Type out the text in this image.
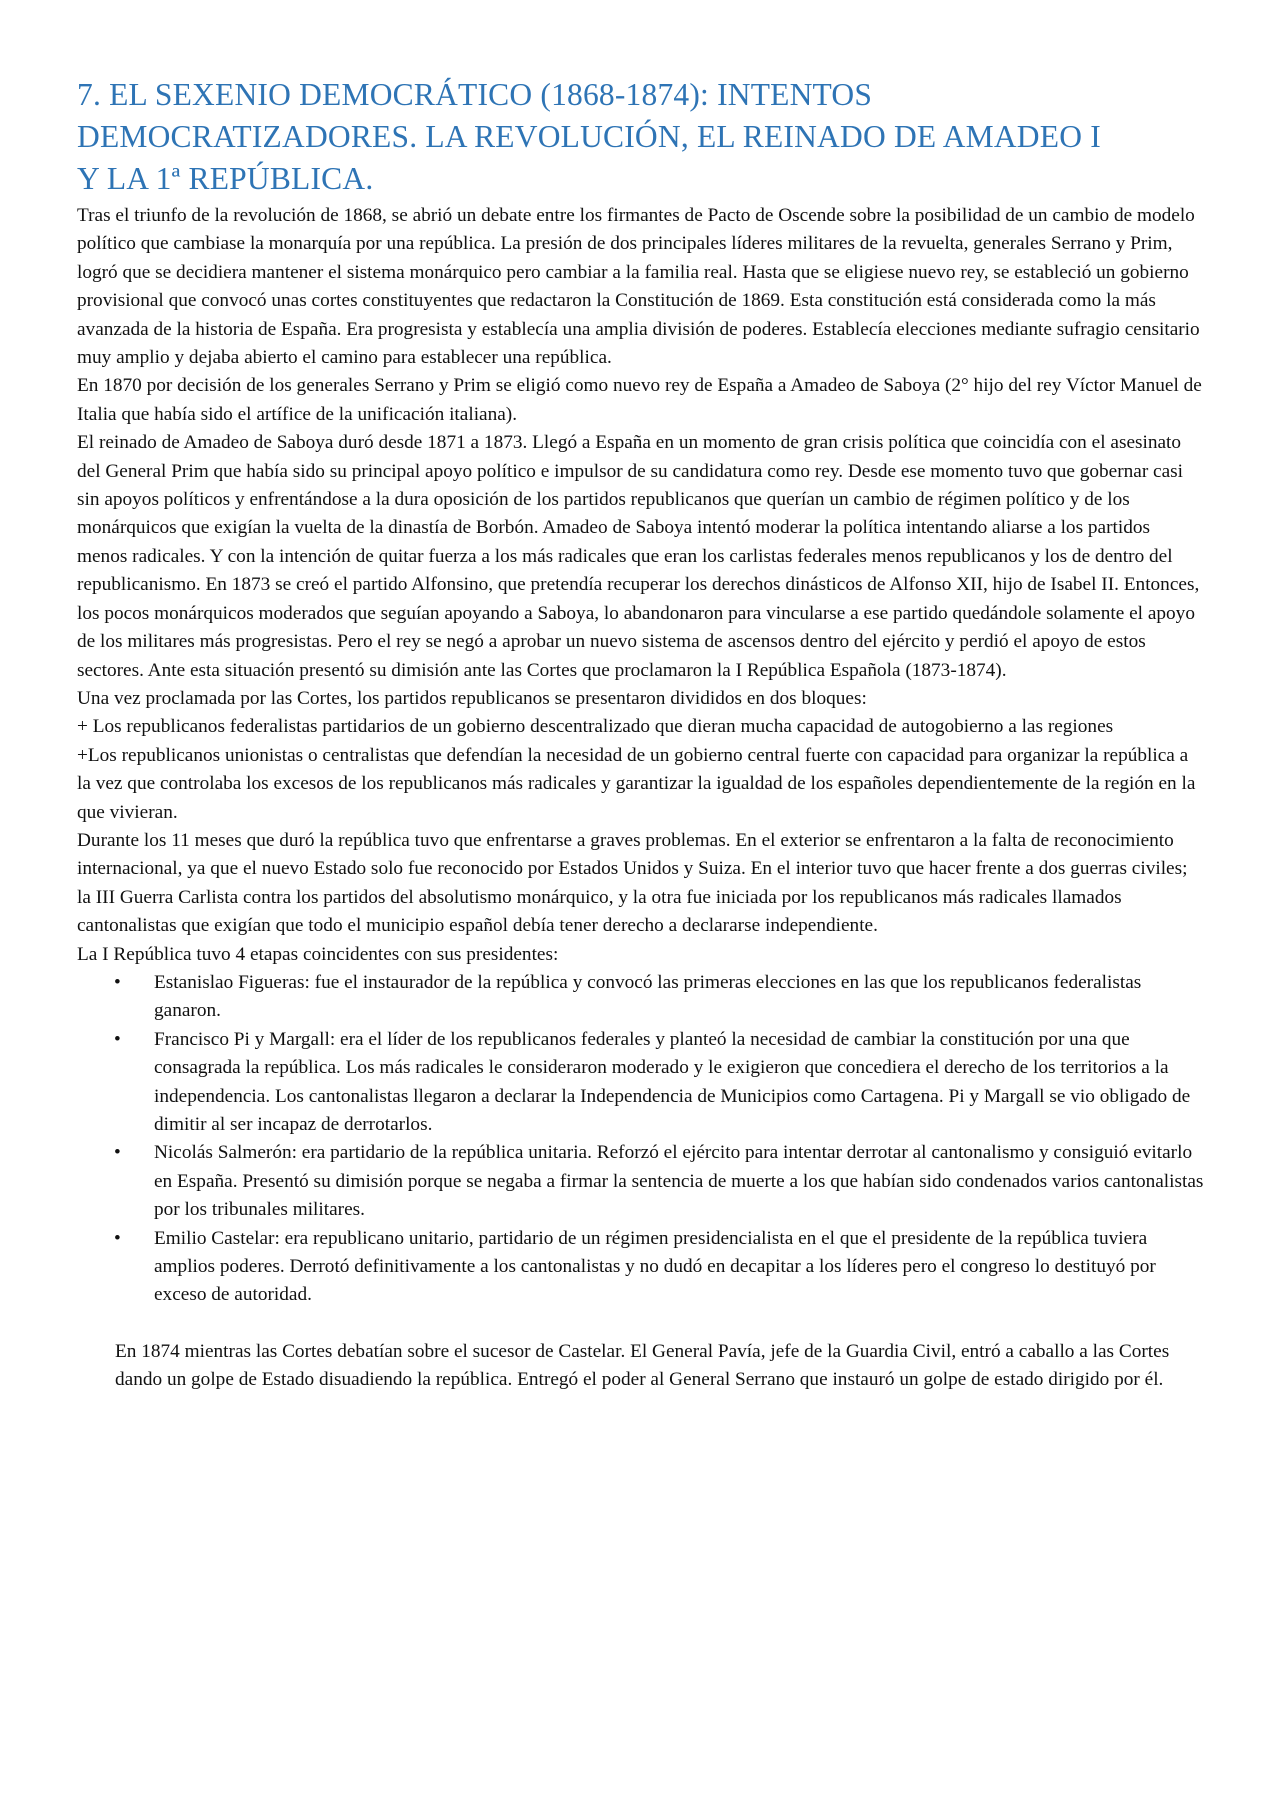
7. EL SEXENIO DEMOCRÁTICO (1868-1874): INTENTOS
DEMOCRATIZADORES. LA REVOLUCIÓN, EL REINADO DE AMADEO I
Y LA 1ª REPÚBLICA.

Tras el triunfo de la revolución de 1868, se abrió un debate entre los firmantes de Pacto de Oscende sobre la posibilidad de un cambio de modelo político que cambiase la monarquía por una república. La presión de dos principales líderes militares de la revuelta, generales Serrano y Prim, logró que se decidiera mantener el sistema monárquico pero cambiar a la familia real. Hasta que se eligiese nuevo rey, se estableció un gobierno provisional que convocó unas cortes constituyentes que redactaron la Constitución de 1869. Esta constitución está considerada como la más avanzada de la historia de España. Era progresista y establecía una amplia división de poderes. Establecía elecciones mediante sufragio censitario muy amplio y dejaba abierto el camino para establecer una república.

En 1870 por decisión de los generales Serrano y Prim se eligió como nuevo rey de España a Amadeo de Saboya (2° hijo del rey Víctor Manuel de Italia que había sido el artífice de la unificación italiana).

El reinado de Amadeo de Saboya duró desde 1871 a 1873. Llegó a España en un momento de gran crisis política que coincidía con el asesinato del General Prim que había sido su principal apoyo político e impulsor de su candidatura como rey. Desde ese momento tuvo que gobernar casi sin apoyos políticos y enfrentándose a la dura oposición de los partidos republicanos que querían un cambio de régimen político y de los monárquicos que exigían la vuelta de la dinastía de Borbón. Amadeo de Saboya intentó moderar la política intentando aliarse a los partidos menos radicales. Y con la intención de quitar fuerza a los más radicales que eran los carlistas federales menos republicanos y los de dentro del republicanismo. En 1873 se creó el partido Alfonsino, que pretendía recuperar los derechos dinásticos de Alfonso XII, hijo de Isabel II. Entonces, los pocos monárquicos moderados que seguían apoyando a Saboya, lo abandonaron para vincularse a ese partido quedándole solamente el apoyo de los militares más progresistas. Pero el rey se negó a aprobar un nuevo sistema de ascensos dentro del ejército y perdió el apoyo de estos sectores. Ante esta situación presentó su dimisión ante las Cortes que proclamaron la I República Española (1873-1874).

Una vez proclamada por las Cortes, los partidos republicanos se presentaron divididos en dos bloques:

+ Los republicanos federalistas partidarios de un gobierno descentralizado que dieran mucha capacidad de autogobierno a las regiones

+Los republicanos unionistas o centralistas que defendían la necesidad de un gobierno central fuerte con capacidad para organizar la república a la vez que controlaba los excesos de los republicanos más radicales y garantizar la igualdad de los españoles dependientemente de la región en la que vivieran.

Durante los 11 meses que duró la república tuvo que enfrentarse a graves problemas. En el exterior se enfrentaron a la falta de reconocimiento internacional, ya que el nuevo Estado solo fue reconocido por Estados Unidos y Suiza. En el interior tuvo que hacer frente a dos guerras civiles; la III Guerra Carlista contra los partidos del absolutismo monárquico, y la otra fue iniciada por los republicanos más radicales llamados cantonalistas que exigían que todo el municipio español debía tener derecho a declararse independiente.

La I República tuvo 4 etapas coincidentes con sus presidentes:

• Estanislao Figueras: fue el instaurador de la república y convocó las primeras elecciones en las que los republicanos federalistas ganaron.
• Francisco Pi y Margall: era el líder de los republicanos federales y planteó la necesidad de cambiar la constitución por una que consagrada la república. Los más radicales le consideraron moderado y le exigieron que concediera el derecho de los territorios a la independencia. Los cantonalistas llegaron a declarar la Independencia de Municipios como Cartagena. Pi y Margall se vio obligado de dimitir al ser incapaz de derrotarlos.
• Nicolás Salmerón: era partidario de la república unitaria. Reforzó el ejército para intentar derrotar al cantonalismo y consiguió evitarlo en España. Presentó su dimisión porque se negaba a firmar la sentencia de muerte a los que habían sido condenados varios cantonalistas por los tribunales militares.
• Emilio Castelar: era republicano unitario, partidario de un régimen presidencialista en el que el presidente de la república tuviera amplios poderes. Derrotó definitivamente a los cantonalistas y no dudó en decapitar a los líderes pero el congreso lo destituyó por exceso de autoridad.

En 1874 mientras las Cortes debatían sobre el sucesor de Castelar. El General Pavía, jefe de la Guardia Civil, entró a caballo a las Cortes dando un golpe de Estado disuadiendo la república. Entregó el poder al General Serrano que instauró un golpe de estado dirigido por él.
